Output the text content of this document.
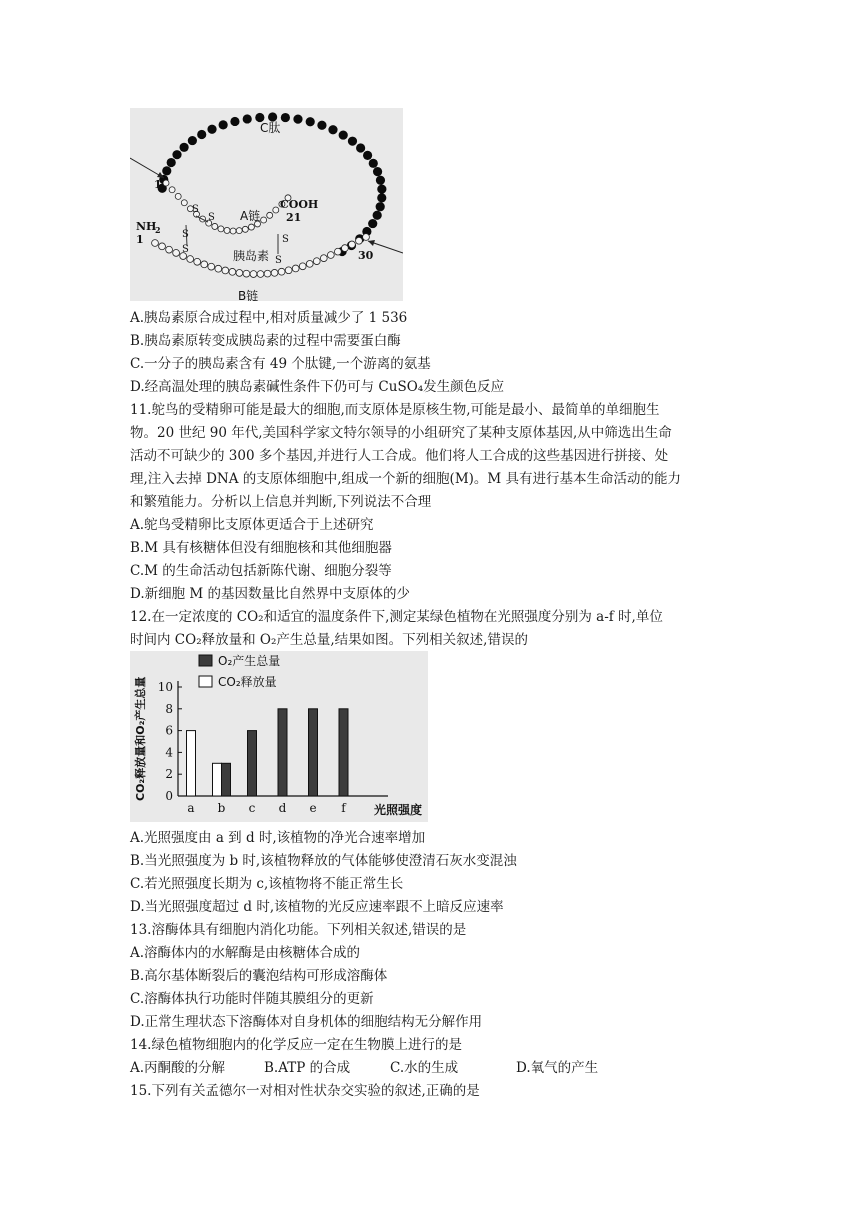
C肽
A链
胰岛素
B链
COOH
21
NH
2
1
1
30
S
S
S
S
S
S
A.胰岛素原合成过程中,相对质量减少了 1 536
B.胰岛素原转变成胰岛素的过程中需要蛋白酶
C.一分子的胰岛素含有 49 个肽键,一个游离的氨基
D.经高温处理的胰岛素碱性条件下仍可与 CuSO₄发生颜色反应
11.鸵鸟的受精卵可能是最大的细胞,而支原体是原核生物,可能是最小、最简单的单细胞生
物。20 世纪 90 年代,美国科学家文特尔领导的小组研究了某种支原体基因,从中筛选出生命
活动不可缺少的 300 多个基因,并进行人工合成。他们将人工合成的这些基因进行拼接、处
理,注入去掉 DNA 的支原体细胞中,组成一个新的细胞(M)。M 具有进行基本生命活动的能力
和繁殖能力。分析以上信息并判断,下列说法不合理
A.鸵鸟受精卵比支原体更适合于上述研究
B.M 具有核糖体但没有细胞核和其他细胞器
C.M 的生命活动包括新陈代谢、细胞分裂等
D.新细胞 M 的基因数量比自然界中支原体的少
12.在一定浓度的 CO₂和适宜的温度条件下,测定某绿色植物在光照强度分别为 a-f 时,单位
时间内 CO₂释放量和 O₂产生总量,结果如图。下列相关叙述,错误的
0
2
4
6
8
10
a b c d e f 光照强度
CO₂释放量和O₂产生总量
O₂产生总量
CO₂释放量
A.光照强度由 a 到 d 时,该植物的净光合速率增加
B.当光照强度为 b 时,该植物释放的气体能够使澄清石灰水变混浊
C.若光照强度长期为 c,该植物将不能正常生长
D.当光照强度超过 d 时,该植物的光反应速率跟不上暗反应速率
13.溶酶体具有细胞内消化功能。下列相关叙述,错误的是
A.溶酶体内的水解酶是由核糖体合成的
B.高尔基体断裂后的囊泡结构可形成溶酶体
C.溶酶体执行功能时伴随其膜组分的更新
D.正常生理状态下溶酶体对自身机体的细胞结构无分解作用
14.绿色植物细胞内的化学反应一定在生物膜上进行的是
A.丙酮酸的分解	B.ATP 的合成	C.水的生成	D.氧气的产生
15.下列有关孟德尔一对相对性状杂交实验的叙述,正确的是
